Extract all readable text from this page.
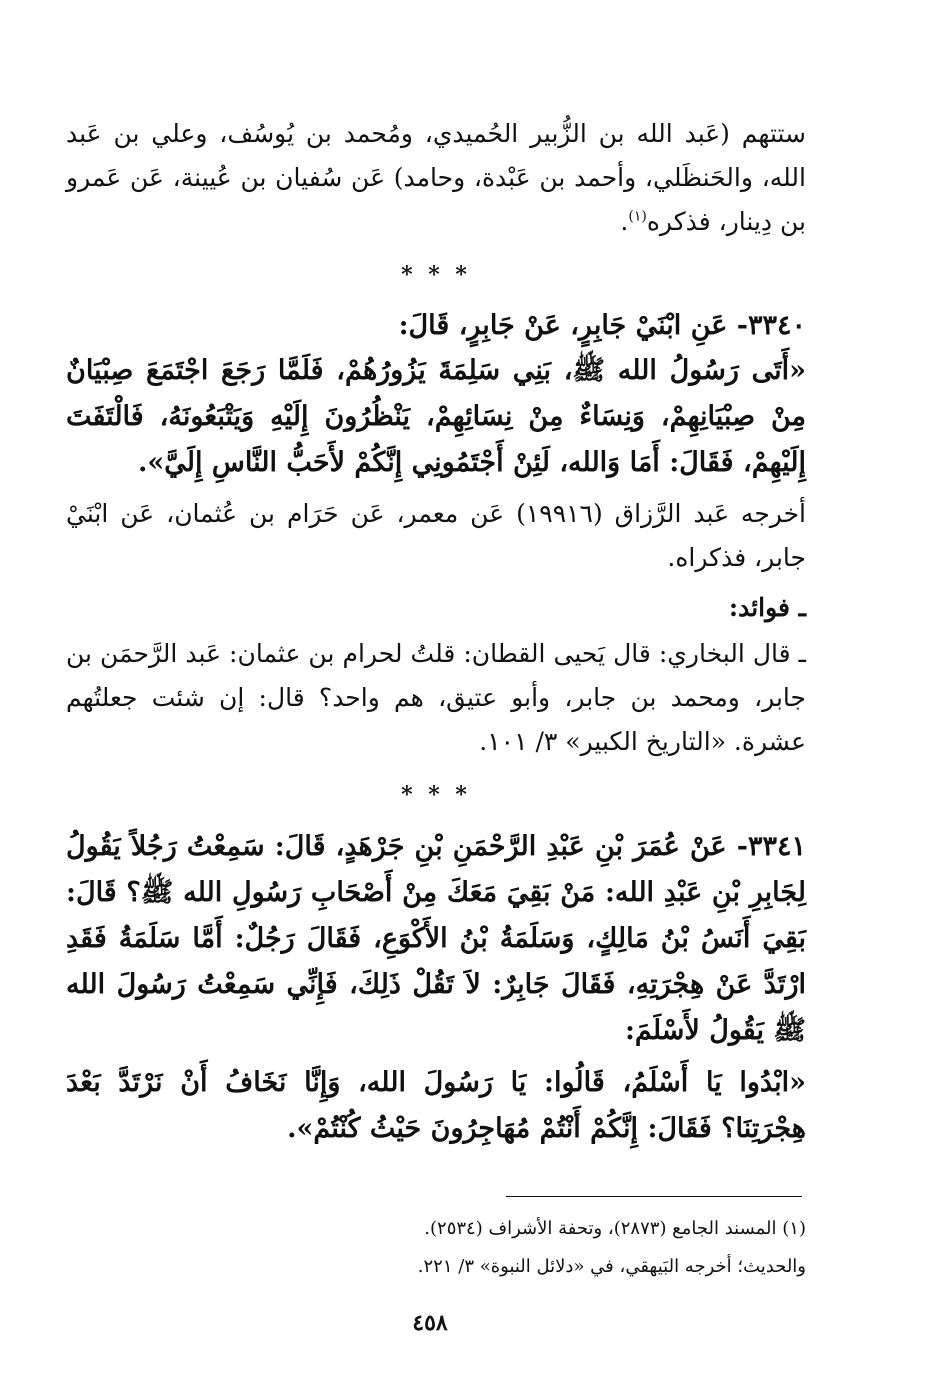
ستتهم (عَبد الله بن الزُّبير الحُميدي، ومُحمد بن يُوسُف، وعلي بن عَبد الله، والحَنظَلي، وأحمد بن عَبْدة، وحامد) عَن سُفيان بن عُيينة، عَن عَمرو بن دِينار، فذكره$^{(١)}$.

* * *

٣٣٤٠- عَنِ ابْنَيْ جَابِرٍ، عَنْ جَابِرٍ، قَالَ:

«أَتَى رَسُولُ الله ﷺ، بَنِي سَلِمَةَ يَزُورُهُمْ، فَلَمَّا رَجَعَ اجْتَمَعَ صِبْيَانٌ مِنْ صِبْيَانِهِمْ، وَنِسَاءٌ مِنْ نِسَائِهِمْ، يَنْظُرُونَ إِلَيْهِ وَيَتْبَعُونَهُ، فَالْتَفَتَ إِلَيْهِمْ، فَقَالَ: أَمَا وَالله، لَئِنْ أَجْتَمُونِي إِنَّكُمْ لأَحَبُّ النَّاسِ إِلَيَّ».

أخرجه عَبد الرَّزاق (١٩٩١٦) عَن معمر، عَن حَرَام بن عُثمان، عَن ابْنَيْ جابر، فذكراه.

ـ فوائد:

ـ قال البخاري: قال يَحيى القطان: قلتُ لحرام بن عثمان: عَبد الرَّحمَن بن جابر، ومحمد بن جابر، وأبو عتيق، هم واحد؟ قال: إن شئت جعلتُهم عشرة. «التاريخ الكبير» ٣/ ١٠١.

* * *

٣٣٤١- عَنْ عُمَرَ بْنِ عَبْدِ الرَّحْمَنِ بْنِ جَرْهَدٍ، قَالَ: سَمِعْتُ رَجُلاً يَقُولُ لِجَابِرِ بْنِ عَبْدِ الله: مَنْ بَقِيَ مَعَكَ مِنْ أَصْحَابِ رَسُولِ الله ﷺ؟ قَالَ: بَقِيَ أَنَسُ بْنُ مَالِكٍ، وَسَلَمَةُ بْنُ الأَكْوَعِ، فَقَالَ رَجُلٌ: أَمَّا سَلَمَةُ فَقَدِ ارْتَدَّ عَنْ هِجْرَتِهِ، فَقَالَ جَابِرٌ: لاَ تَقُلْ ذَلِكَ، فَإِنِّي سَمِعْتُ رَسُولَ الله ﷺ يَقُولُ لأَسْلَمَ:

«ابْدُوا يَا أَسْلَمُ، قَالُوا: يَا رَسُولَ الله، وَإِنَّا نَخَافُ أَنْ نَرْتَدَّ بَعْدَ هِجْرَتِنَا؟ فَقَالَ: إِنَّكُمْ أَنْتُمْ مُهَاجِرُونَ حَيْثُ كُنْتُمْ».

(١) المسند الجامع (٢٨٧٣)، وتحفة الأشراف (٢٥٣٤).

والحديث؛ أخرجه البَيهقي، في «دلائل النبوة» ٣/ ٢٢١.

٤٥٨
